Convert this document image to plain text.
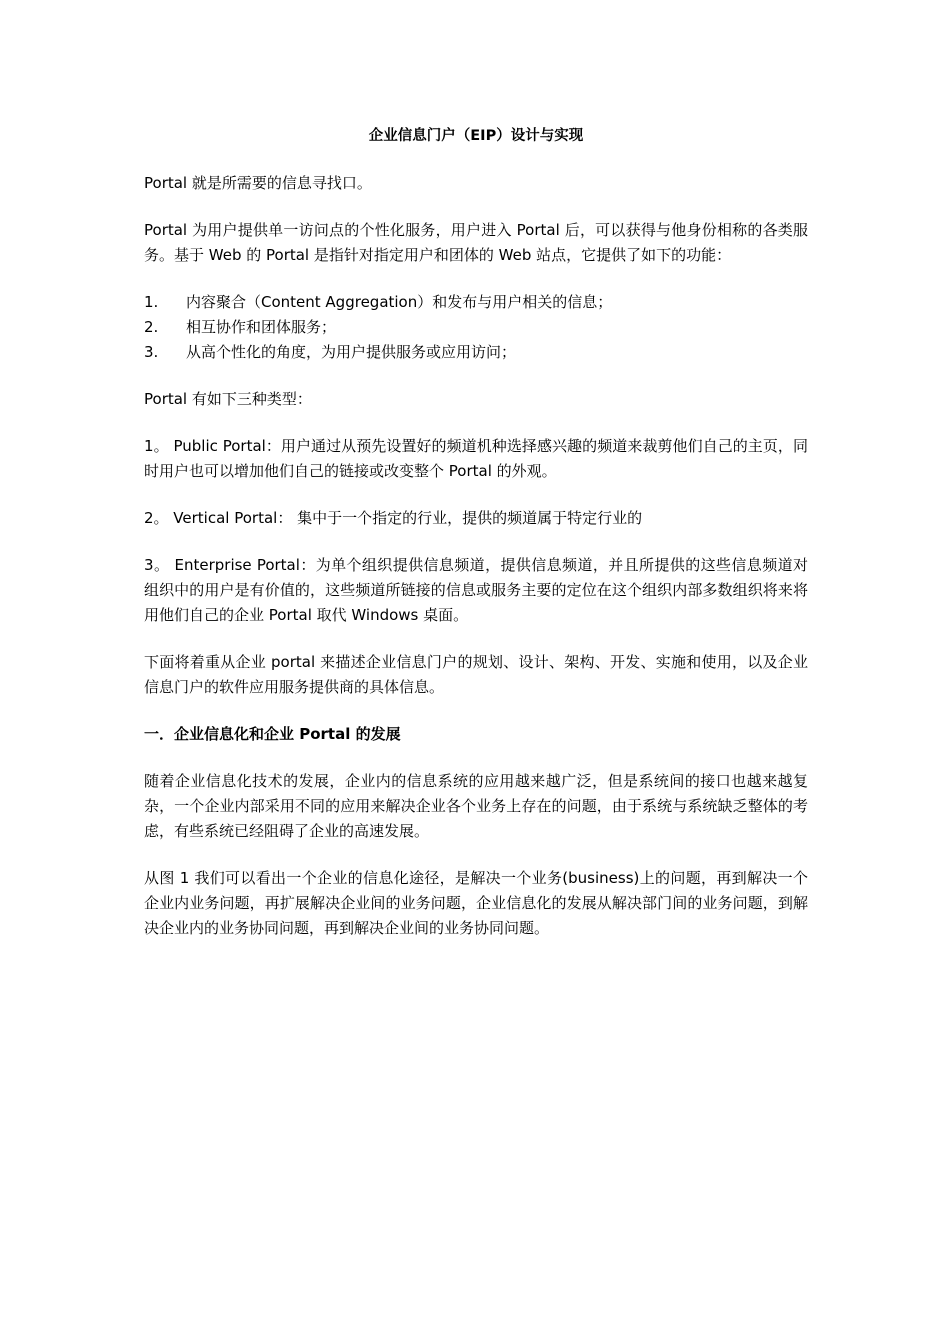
企业信息门户（EIP）设计与实现

Portal 就是所需要的信息寻找口。

Portal 为用户提供单一访问点的个性化服务，用户进入 Portal 后，可以获得与他身份相称的各类服务。基于 Web 的 Portal 是指针对指定用户和团体的 Web 站点，它提供了如下的功能：

1.	内容聚合（Content Aggregation）和发布与用户相关的信息；
2.	相互协作和团体服务；
3.	从高个性化的角度，为用户提供服务或应用访问；

Portal 有如下三种类型：

1。 Public Portal：用户通过从预先设置好的频道机种选择感兴趣的频道来裁剪他们自己的主页，同时用户也可以增加他们自己的链接或改变整个 Portal 的外观。

2。 Vertical Portal： 集中于一个指定的行业，提供的频道属于特定行业的

3。 Enterprise Portal：为单个组织提供信息频道，提供信息频道，并且所提供的这些信息频道对组织中的用户是有价值的，这些频道所链接的信息或服务主要的定位在这个组织内部多数组织将来将用他们自己的企业 Portal 取代 Windows 桌面。

下面将着重从企业 portal 来描述企业信息门户的规划、设计、架构、开发、实施和使用，以及企业信息门户的软件应用服务提供商的具体信息。

一．企业信息化和企业 Portal 的发展

随着企业信息化技术的发展，企业内的信息系统的应用越来越广泛，但是系统间的接口也越来越复杂，一个企业内部采用不同的应用来解决企业各个业务上存在的问题，由于系统与系统缺乏整体的考虑，有些系统已经阻碍了企业的高速发展。

从图 1 我们可以看出一个企业的信息化途径，是解决一个业务(business)上的问题，再到解决一个企业内业务问题，再扩展解决企业间的业务问题，企业信息化的发展从解决部门间的业务问题，到解决企业内的业务协同问题，再到解决企业间的业务协同问题。
